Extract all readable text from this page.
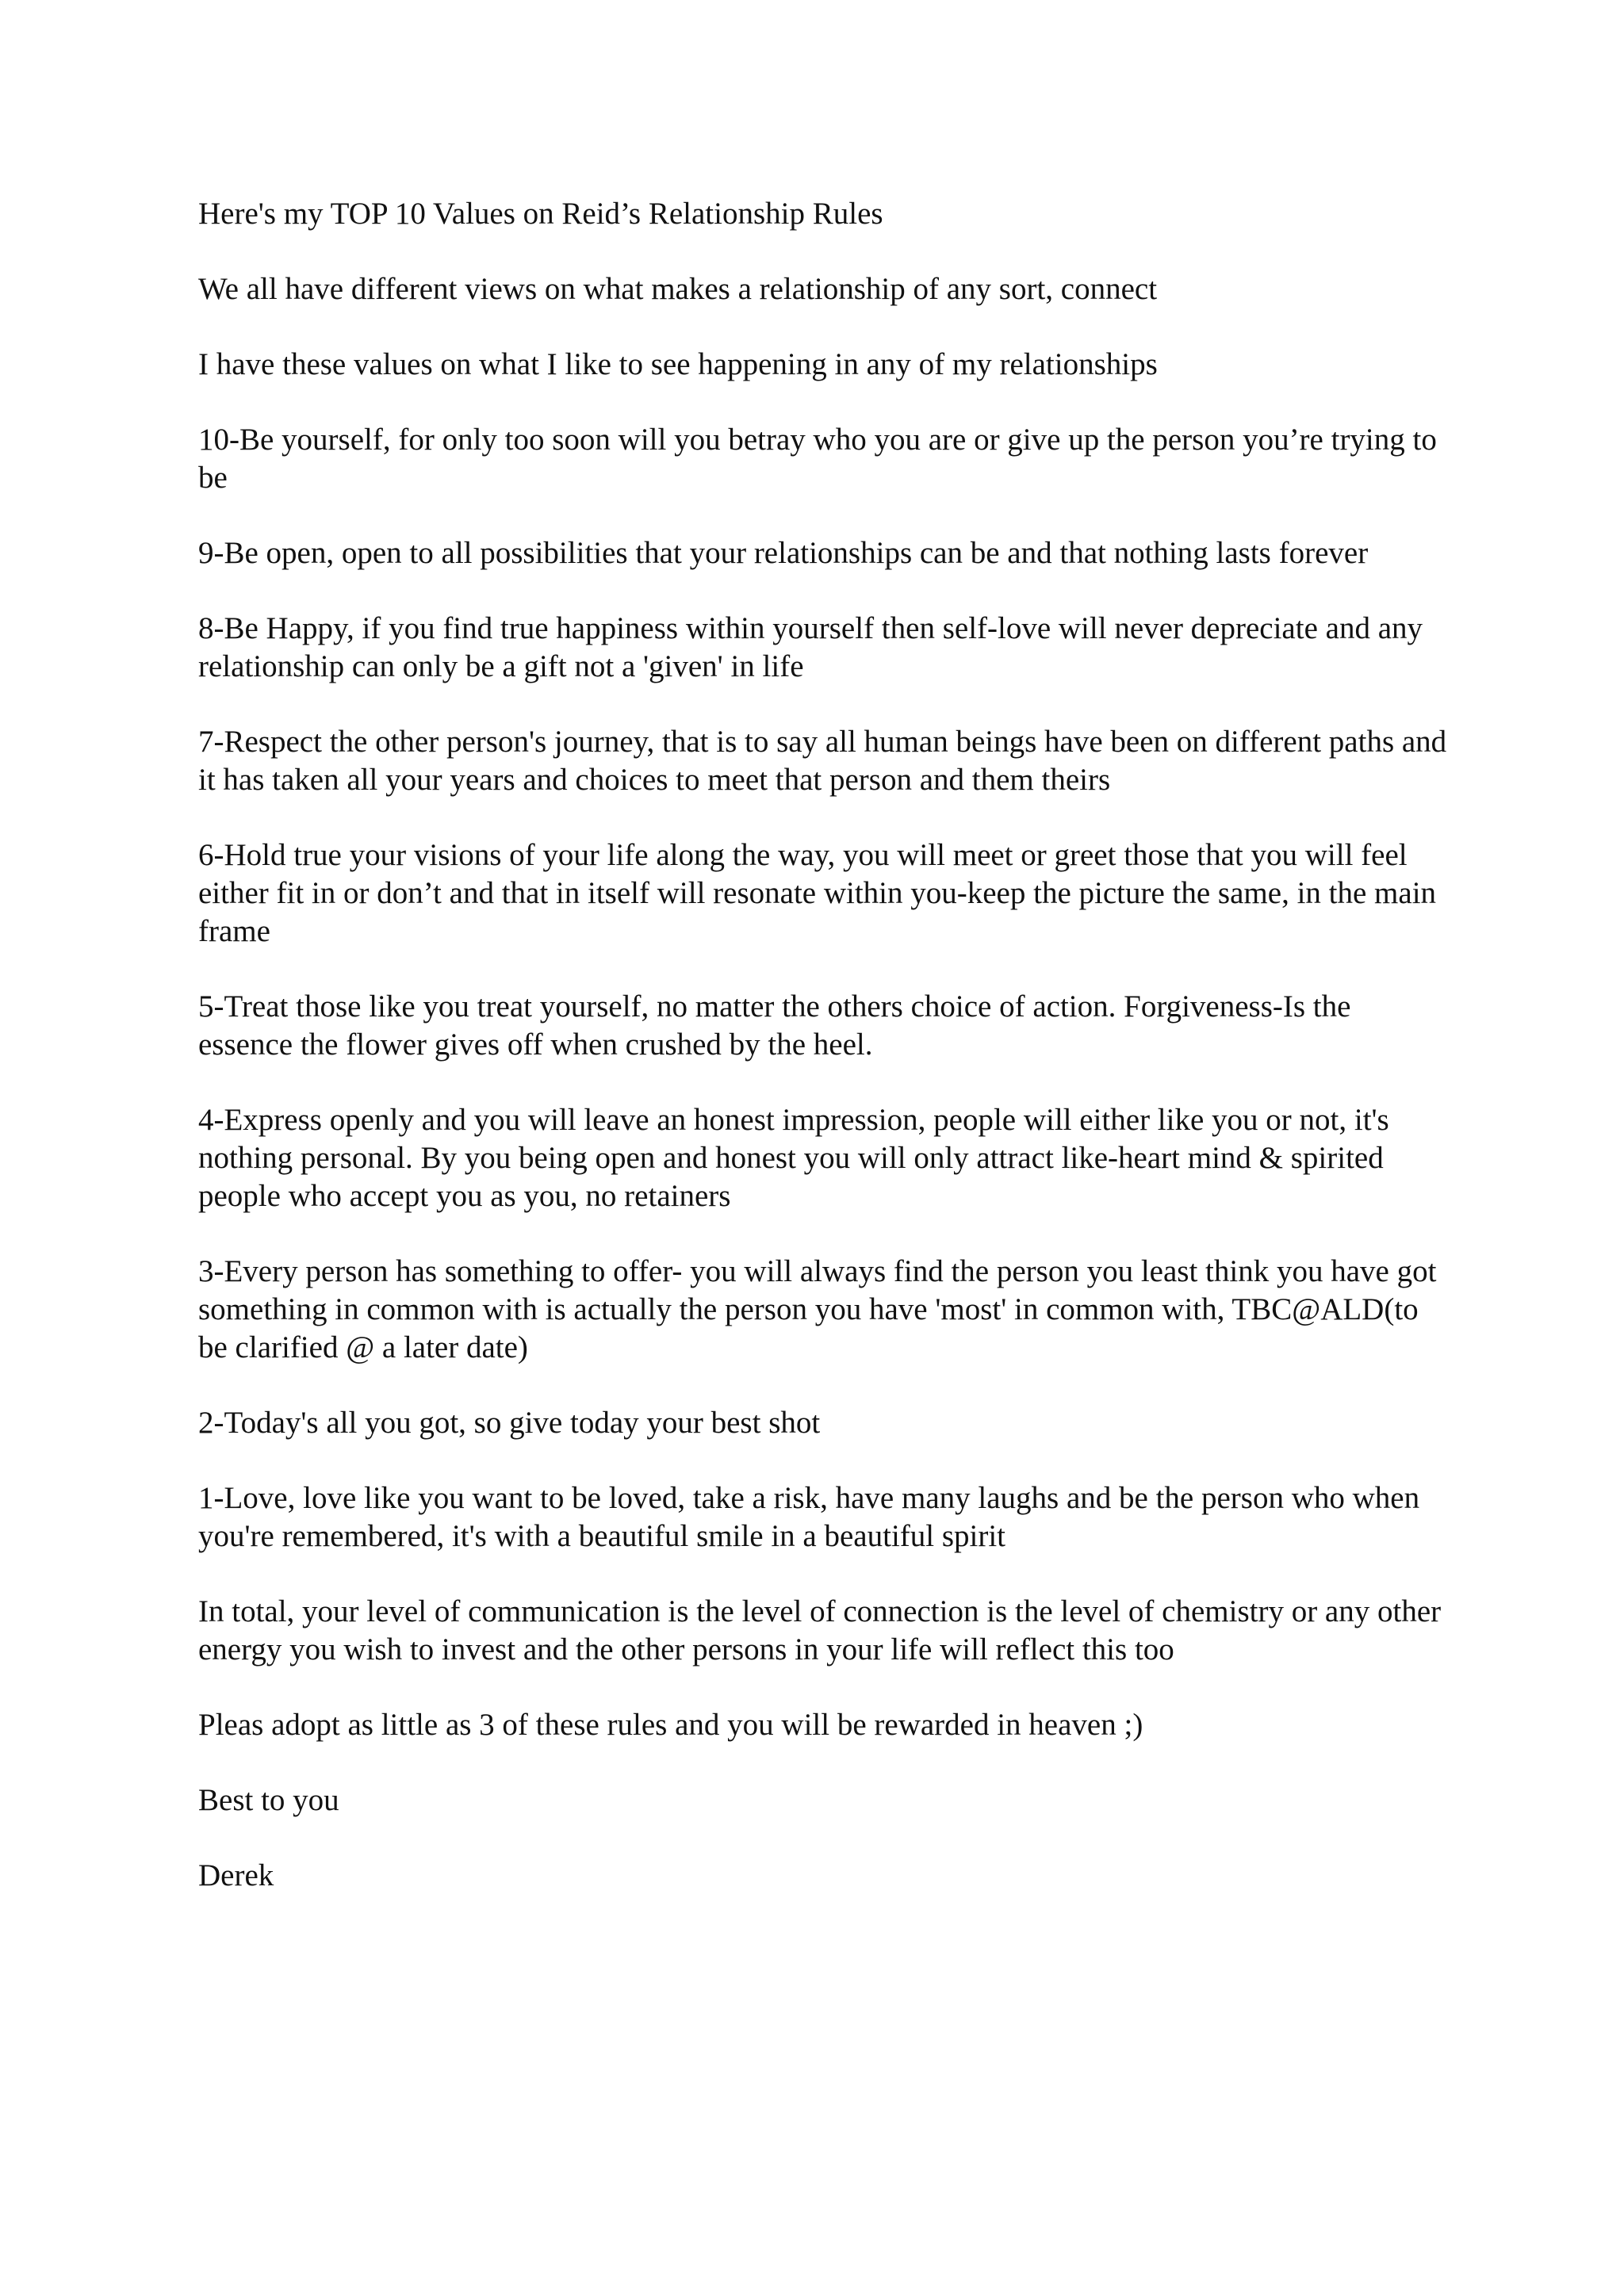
Here's my TOP 10 Values on Reid’s Relationship Rules

We all have different views on what makes a relationship of any sort, connect

I have these values on what I like to see happening in any of my relationships

10-Be yourself, for only too soon will you betray who you are or give up the person you’re trying to be

9-Be open, open to all possibilities that your relationships can be and that nothing lasts forever

8-Be Happy, if you find true happiness within yourself then self-love will never depreciate and any relationship can only be a gift not a 'given' in life

7-Respect the other person's journey, that is to say all human beings have been on different paths and it has taken all your years and choices to meet that person and them theirs

6-Hold true your visions of your life along the way, you will meet or greet those that you will feel either fit in or don’t and that in itself will resonate within you-keep the picture the same, in the main frame

5-Treat those like you treat yourself, no matter the others choice of action. Forgiveness-Is the essence the flower gives off when crushed by the heel.

4-Express openly and you will leave an honest impression, people will either like you or not, it's nothing personal. By you being open and honest you will only attract like-heart mind & spirited people who accept you as you, no retainers

3-Every person has something to offer- you will always find the person you least think you have got something in common with is actually the person you have 'most' in common with, TBC@ALD(to be clarified @ a later date)

2-Today's all you got, so give today your best shot

1-Love, love like you want to be loved, take a risk, have many laughs and be the person who when you're remembered, it's with a beautiful smile in a beautiful spirit

In total, your level of communication is the level of connection is the level of chemistry or any other energy you wish to invest and the other persons in your life will reflect this too

Pleas adopt as little as 3 of these rules and you will be rewarded in heaven ;)

Best to you

Derek
